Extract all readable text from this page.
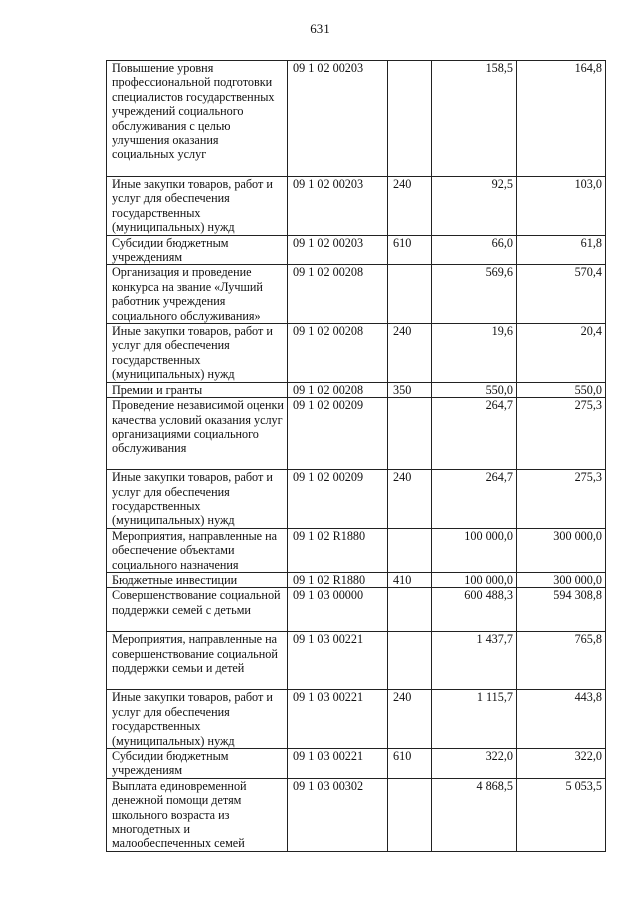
631
Повышение уровня профессиональной подготовки специалистов государственных учреждений социального обслуживания с целью улучшения оказания социальных услуг	09 1 02 00203		158,5	164,8
Иные закупки товаров, работ и услуг для обеспечения государственных (муниципальных) нужд	09 1 02 00203	240	92,5	103,0
Субсидии бюджетным учреждениям	09 1 02 00203	610	66,0	61,8
Организация и проведение конкурса на звание «Лучший работник учреждения социального обслуживания»	09 1 02 00208		569,6	570,4
Иные закупки товаров, работ и услуг для обеспечения государственных (муниципальных) нужд	09 1 02 00208	240	19,6	20,4
Премии и гранты	09 1 02 00208	350	550,0	550,0
Проведение независимой оценки качества условий оказания услуг организациями социального обслуживания	09 1 02 00209		264,7	275,3
Иные закупки товаров, работ и услуг для обеспечения государственных (муниципальных) нужд	09 1 02 00209	240	264,7	275,3
Мероприятия, направленные на обеспечение объектами социального назначения	09 1 02 R1880		100 000,0	300 000,0
Бюджетные инвестиции	09 1 02 R1880	410	100 000,0	300 000,0
Совершенствование социальной поддержки семей с детьми	09 1 03 00000		600 488,3	594 308,8
Мероприятия, направленные на совершенствование социальной поддержки семьи и детей	09 1 03 00221		1 437,7	765,8
Иные закупки товаров, работ и услуг для обеспечения государственных (муниципальных) нужд	09 1 03 00221	240	1 115,7	443,8
Субсидии бюджетным учреждениям	09 1 03 00221	610	322,0	322,0
Выплата единовременной денежной помощи детям школьного возраста из многодетных и малообеспеченных семей	09 1 03 00302		4 868,5	5 053,5
